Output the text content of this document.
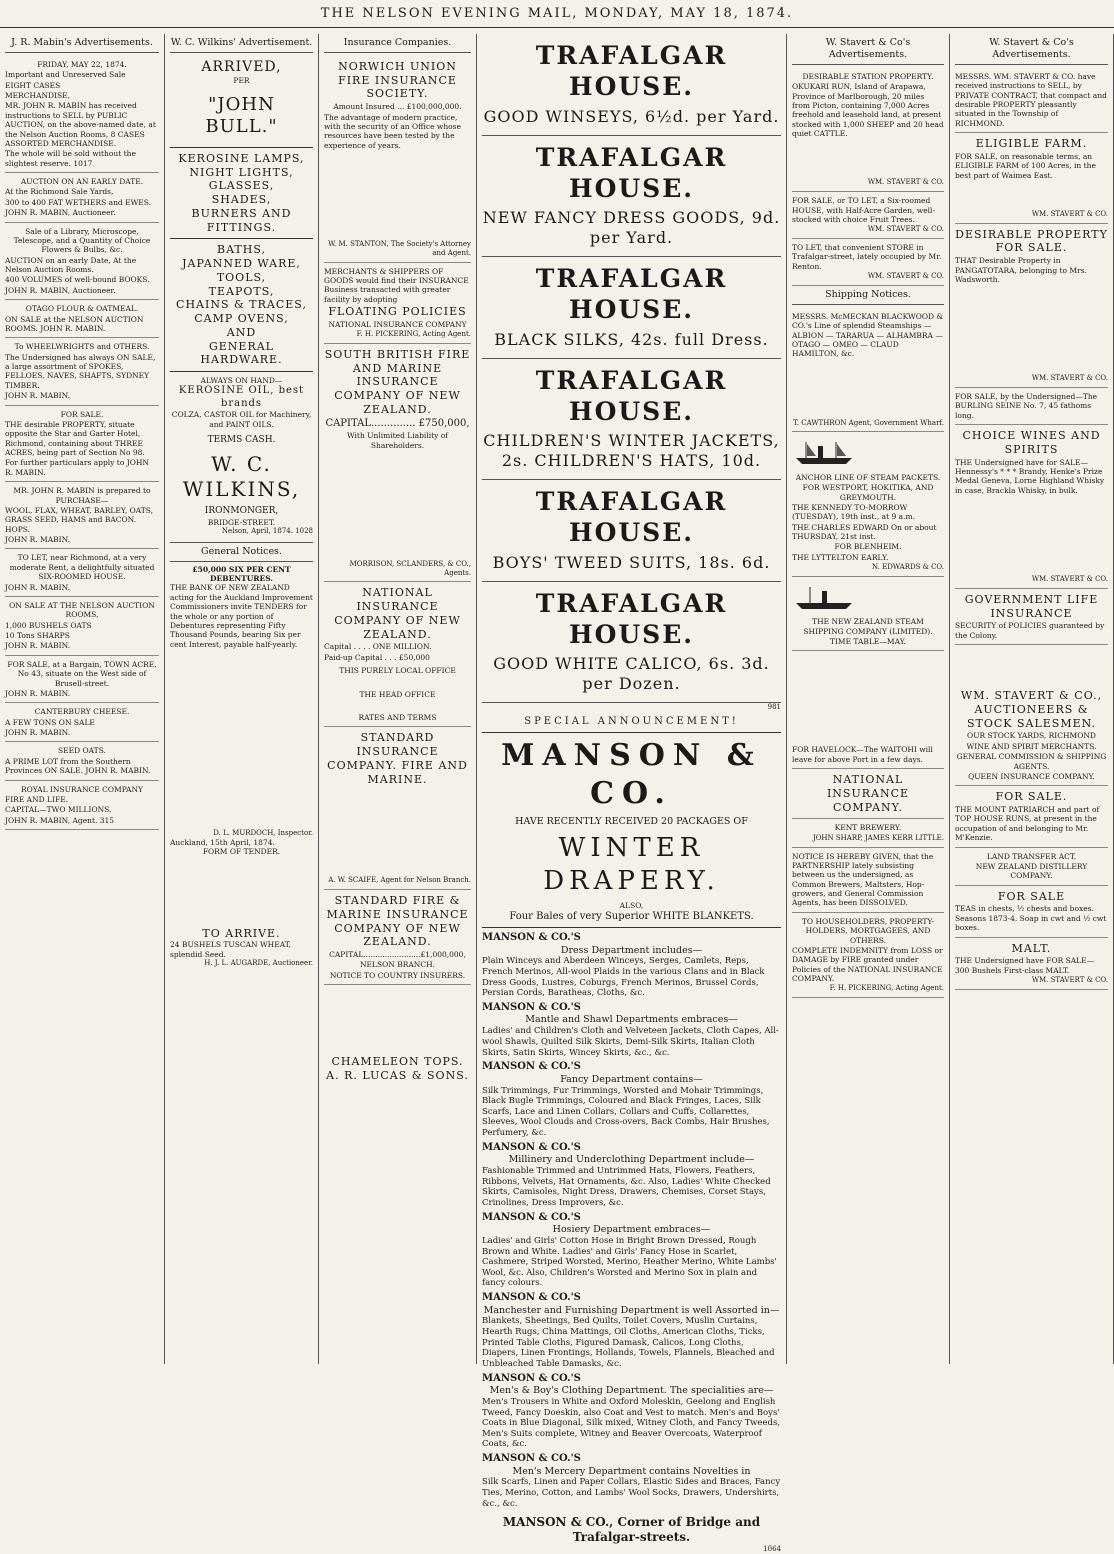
THE NELSON EVENING MAIL, MONDAY, MAY 18, 1874.
J. R. Mabin's Advertisements.

FRIDAY, MAY 22, 1874.

Important and Unreserved Sale

EIGHT CASES

MERCHANDISE,

MR. JOHN R. MABIN has received instructions to SELL by PUBLIC AUCTION, on the above-named date, at the Nelson Auction Rooms, 8 CASES ASSORTED MERCHANDISE.

The whole will be sold without the slightest reserve. 1017

AUCTION ON AN EARLY DATE.

At the Richmond Sale Yards,

300 to 400 FAT WETHERS and EWES.

JOHN R. MABIN, Auctioneer.

Sale of a Library, Microscope, Telescope, and a Quantity of Choice Flowers & Bulbs, &c.

AUCTION on an early Date, At the Nelson Auction Rooms.

400 VOLUMES of well-bound BOOKS.

JOHN R. MABIN, Auctioneer.

OTAGO FLOUR & OATMEAL.

ON SALE at the NELSON AUCTION ROOMS. JOHN R. MABIN.

To WHEELWRIGHTS and OTHERS.

The Undersigned has always ON SALE, a large assortment of SPOKES, FELLOES, NAVES, SHAFTS, SYDNEY TIMBER.

JOHN R. MABIN.

FOR SALE.

THE desirable PROPERTY, situate opposite the Star and Garter Hotel, Richmond, containing about THREE ACRES, being part of Section No 98.

For further particulars apply to JOHN R. MABIN.

MR. JOHN R. MABIN is prepared to PURCHASE—

WOOL, FLAX, WHEAT, BARLEY, OATS, GRASS SEED, HAMS and BACON. HOPS.

JOHN R. MABIN.

TO LET, near Richmond, at a very moderate Rent, a delightfully situated SIX-ROOMED HOUSE.

JOHN R. MABIN.

ON SALE AT THE NELSON AUCTION ROOMS,

1,000 BUSHELS OATS

10 Tons SHARPS

JOHN R. MABIN.

FOR SALE, at a Bargain, TOWN ACRE, No 43, situate on the West side of Brusell-street.

JOHN R. MABIN.

CANTERBURY CHEESE.

A FEW TONS ON SALE

JOHN R. MABIN.

SEED OATS.

A PRIME LOT from the Southern Provinces ON SALE. JOHN R. MABIN.

ROYAL INSURANCE COMPANY

FIRE AND LIFE.

CAPITAL—TWO MILLIONS.

JOHN R. MABIN, Agent. 315

W. C. Wilkins' Advertisement.

ARRIVED,

PER

"JOHN BULL."

KEROSINE LAMPS,

NIGHT LIGHTS,

GLASSES,

SHADES,

BURNERS AND FITTINGS.

BATHS,

JAPANNED WARE,

TOOLS,

TEAPOTS,

CHAINS & TRACES,

CAMP OVENS,

AND

GENERAL HARDWARE.

ALWAYS ON HAND—

KEROSINE OIL, best brands

COLZA, CASTOR OIL for Machinery, and PAINT OILS.

TERMS CASH.

W. C. WILKINS,

IRONMONGER,

BRIDGE-STREET.

Nelson, April, 1874. 1028

General Notices.

£50,000 SIX PER CENT DEBENTURES.

THE BANK OF NEW ZEALAND acting for the Auckland Improvement Commissioners invite TENDERS for the whole or any portion of Debentures representing Fifty Thousand Pounds, bearing Six per cent Interest, payable half-yearly.

D. L. MURDOCH, Inspector.

Auckland, 15th April, 1874.

FORM OF TENDER.

TO ARRIVE.

24 BUSHELS TUSCAN WHEAT, splendid Seed.

H. J. L. AUGARDE, Auctioneer.

Insurance Companies.

NORWICH UNION FIRE INSURANCE SOCIETY.

Amount Insured ... £100,000,000.

The advantage of modern practice, with the security of an Office whose resources have been tested by the experience of years.

W. M. STANTON, The Society's Attorney and Agent.

MERCHANTS & SHIPPERS OF GOODS would find their INSURANCE Business transacted with greater facility by adopting

FLOATING POLICIES

NATIONAL INSURANCE COMPANY

F. H. PICKERING, Acting Agent.

SOUTH BRITISH FIRE AND MARINE INSURANCE COMPANY OF NEW ZEALAND.

CAPITAL.............. £750,000,

With Unlimited Liability of Shareholders.

MORRISON, SCLANDERS, & CO., Agents.

NATIONAL INSURANCE COMPANY OF NEW ZEALAND.

Capital . . . . ONE MILLION.

Paid-up Capital . . . £50,000

THIS PURELY LOCAL OFFICE

THE HEAD OFFICE

RATES AND TERMS

STANDARD INSURANCE COMPANY. FIRE AND MARINE.

A. W. SCAIFE, Agent for Nelson Branch.

STANDARD FIRE & MARINE INSURANCE COMPANY OF NEW ZEALAND.

CAPITAL........................£1,000,000,

NELSON BRANCH.

NOTICE TO COUNTRY INSURERS.

CHAMELEON TOPS. A. R. LUCAS & SONS.

TRAFALGAR HOUSE.

GOOD WINSEYS, 6½d. per Yard.

TRAFALGAR HOUSE.

NEW FANCY DRESS GOODS, 9d. per Yard.

TRAFALGAR HOUSE.

BLACK SILKS, 42s. full Dress.

TRAFALGAR HOUSE.

CHILDREN'S WINTER JACKETS, 2s. CHILDREN'S HATS, 10d.

TRAFALGAR HOUSE.

BOYS' TWEED SUITS, 18s. 6d.

TRAFALGAR HOUSE.

GOOD WHITE CALICO, 6s. 3d. per Dozen.

981

SPECIAL ANNOUNCEMENT!

MANSON & CO.

HAVE RECENTLY RECEIVED 20 PACKAGES OF

WINTER DRAPERY.

ALSO,

Four Bales of very Superior WHITE BLANKETS.

MANSON & CO.'S

Dress Department includes—

Plain Winceys and Aberdeen Winceys, Serges, Camlets, Reps, French Merinos, All-wool Plaids in the various Clans and in Black Dress Goods, Lustres, Coburgs, French Merinos, Brussel Cords, Persian Cords, Baratheas, Cloths, &c.

MANSON & CO.'S

Mantle and Shawl Departments embraces—

Ladies' and Children's Cloth and Velveteen Jackets, Cloth Capes, All-wool Shawls, Quilted Silk Skirts, Demi-Silk Skirts, Italian Cloth Skirts, Satin Skirts, Wincey Skirts, &c., &c.

MANSON & CO.'S

Fancy Department contains—

Silk Trimmings, Fur Trimmings, Worsted and Mohair Trimmings, Black Bugle Trimmings, Coloured and Black Fringes, Laces, Silk Scarfs, Lace and Linen Collars, Collars and Cuffs, Collarettes, Sleeves, Wool Clouds and Cross-overs, Back Combs, Hair Brushes, Perfumery, &c.

MANSON & CO.'S

Millinery and Underclothing Department include—

Fashionable Trimmed and Untrimmed Hats, Flowers, Feathers, Ribbons, Velvets, Hat Ornaments, &c. Also, Ladies' White Checked Skirts, Camisoles, Night Dress, Drawers, Chemises, Corset Stays, Crinolines, Dress Improvers, &c.

MANSON & CO.'S

Hosiery Department embraces—

Ladies' and Girls' Cotton Hose in Bright Brown Dressed, Rough Brown and White. Ladies' and Girls' Fancy Hose in Scarlet, Cashmere, Striped Worsted, Merino, Heather Merino, White Lambs' Wool, &c. Also, Children's Worsted and Merino Sox in plain and fancy colours.

MANSON & CO.'S

Manchester and Furnishing Department is well Assorted in—

Blankets, Sheetings, Bed Quilts, Toilet Covers, Muslin Curtains, Hearth Rugs, China Mattings, Oil Cloths, American Cloths, Ticks, Printed Table Cloths, Figured Damask, Calicos, Long Cloths, Diapers, Linen Frontings, Hollands, Towels, Flannels, Bleached and Unbleached Table Damasks, &c.

MANSON & CO.'S

Men's & Boy's Clothing Department. The specialities are—

Men's Trousers in White and Oxford Moleskin, Geelong and English Tweed, Fancy Doeskin, also Coat and Vest to match. Men's and Boys' Coats in Blue Diagonal, Silk mixed, Witney Cloth, and Fancy Tweeds, Men's Suits complete, Witney and Beaver Overcoats, Waterproof Coats, &c.

MANSON & CO.'S

Men's Mercery Department contains Novelties in

Silk Scarfs, Linen and Paper Collars, Elastic Sides and Braces, Fancy Ties, Merino, Cotton, and Lambs' Wool Socks, Drawers, Undershirts, &c., &c.

MANSON & CO., Corner of Bridge and Trafalgar-streets.

1064

W. Stavert & Co's Advertisements.

DESIRABLE STATION PROPERTY.

OKUKARI RUN, Island of Arapawa, Province of Marlborough, 20 miles from Picton, containing 7,000 Acres freehold and leasehold land, at present stocked with 1,000 SHEEP and 20 head quiet CATTLE.

WM. STAVERT & CO.

FOR SALE, or TO LET, a Six-roomed HOUSE, with Half-Acre Garden, well-stocked with choice Fruit Trees.

WM. STAVERT & CO.

TO LET, that convenient STORE in Trafalgar-street, lately occupied by Mr. Renton.

WM. STAVERT & CO.

Shipping Notices.

MESSRS. McMECKAN BLACKWOOD & CO.'s Line of splendid Steamships — ALBION — TARARUA — ALHAMBRA — OTAGO — OMEO — CLAUD HAMILTON, &c.

T. CAWTHRON Agent, Government Wharf.

ANCHOR LINE OF STEAM PACKETS.

FOR WESTPORT, HOKITIKA, AND GREYMOUTH.

THE KENNEDY TO-MORROW (TUESDAY), 19th inst., at 9 a.m.

THE CHARLES EDWARD On or about THURSDAY, 21st inst.

FOR BLENHEIM.

THE LYTTELTON EARLY.

N. EDWARDS & CO.

THE NEW ZEALAND STEAM SHIPPING COMPANY (LIMITED).

TIME TABLE—MAY.

FOR HAVELOCK—The WAITOHI will leave for above Port in a few days.

NATIONAL INSURANCE COMPANY.

KENT BREWERY.

JOHN SHARP, JAMES KERR LITTLE.

NOTICE IS HEREBY GIVEN, that the PARTNERSHIP lately subsisting between us the undersigned, as Common Brewers, Maltsters, Hop-growers, and General Commission Agents, has been DISSOLVED.

TO HOUSEHOLDERS, PROPERTY-HOLDERS, MORTGAGEES, AND OTHERS.

COMPLETE INDEMNITY from LOSS or DAMAGE by FIRE granted under Policies of the NATIONAL INSURANCE COMPANY.

F. H. PICKERING, Acting Agent.

W. Stavert & Co's Advertisements.

MESSRS. WM. STAVERT & CO. have received instructions to SELL, by PRIVATE CONTRACT, that compact and desirable PROPERTY pleasantly situated in the Township of RICHMOND.

ELIGIBLE FARM.

FOR SALE, on reasonable terms, an ELIGIBLE FARM of 100 Acres, in the best part of Waimea East.

WM. STAVERT & CO.

DESIRABLE PROPERTY FOR SALE.

THAT Desirable Property in PANGATOTARA, belonging to Mrs. Wadsworth.

WM. STAVERT & CO.

FOR SALE, by the Undersigned—The BURLING SEINE No. 7, 45 fathoms long.

CHOICE WINES AND SPIRITS

THE Undersigned have for SALE— Hennessy's * * * Brandy, Henke's Prize Medal Geneva, Lorne Highland Whisky in case, Brackla Whisky, in bulk.

WM. STAVERT & CO.

GOVERNMENT LIFE INSURANCE

SECURITY of POLICIES guaranteed by the Colony.

WM. STAVERT & CO., AUCTIONEERS & STOCK SALESMEN.

OUR STOCK YARDS, RICHMOND

WINE AND SPIRIT MERCHANTS.

GENERAL COMMISSION & SHIPPING AGENTS.

QUEEN INSURANCE COMPANY.

FOR SALE.

THE MOUNT PATRIARCH and part of TOP HOUSE RUNS, at present in the occupation of and belonging to Mr. M'Kenzie.

LAND TRANSFER ACT.

NEW ZEALAND DISTILLERY COMPANY.

FOR SALE

TEAS in chests, ½ chests and boxes. Seasons 1873-4. Soap in cwt and ½ cwt boxes.

MALT.

THE Undersigned have FOR SALE—300 Bushels First-class MALT.

WM. STAVERT & CO.
